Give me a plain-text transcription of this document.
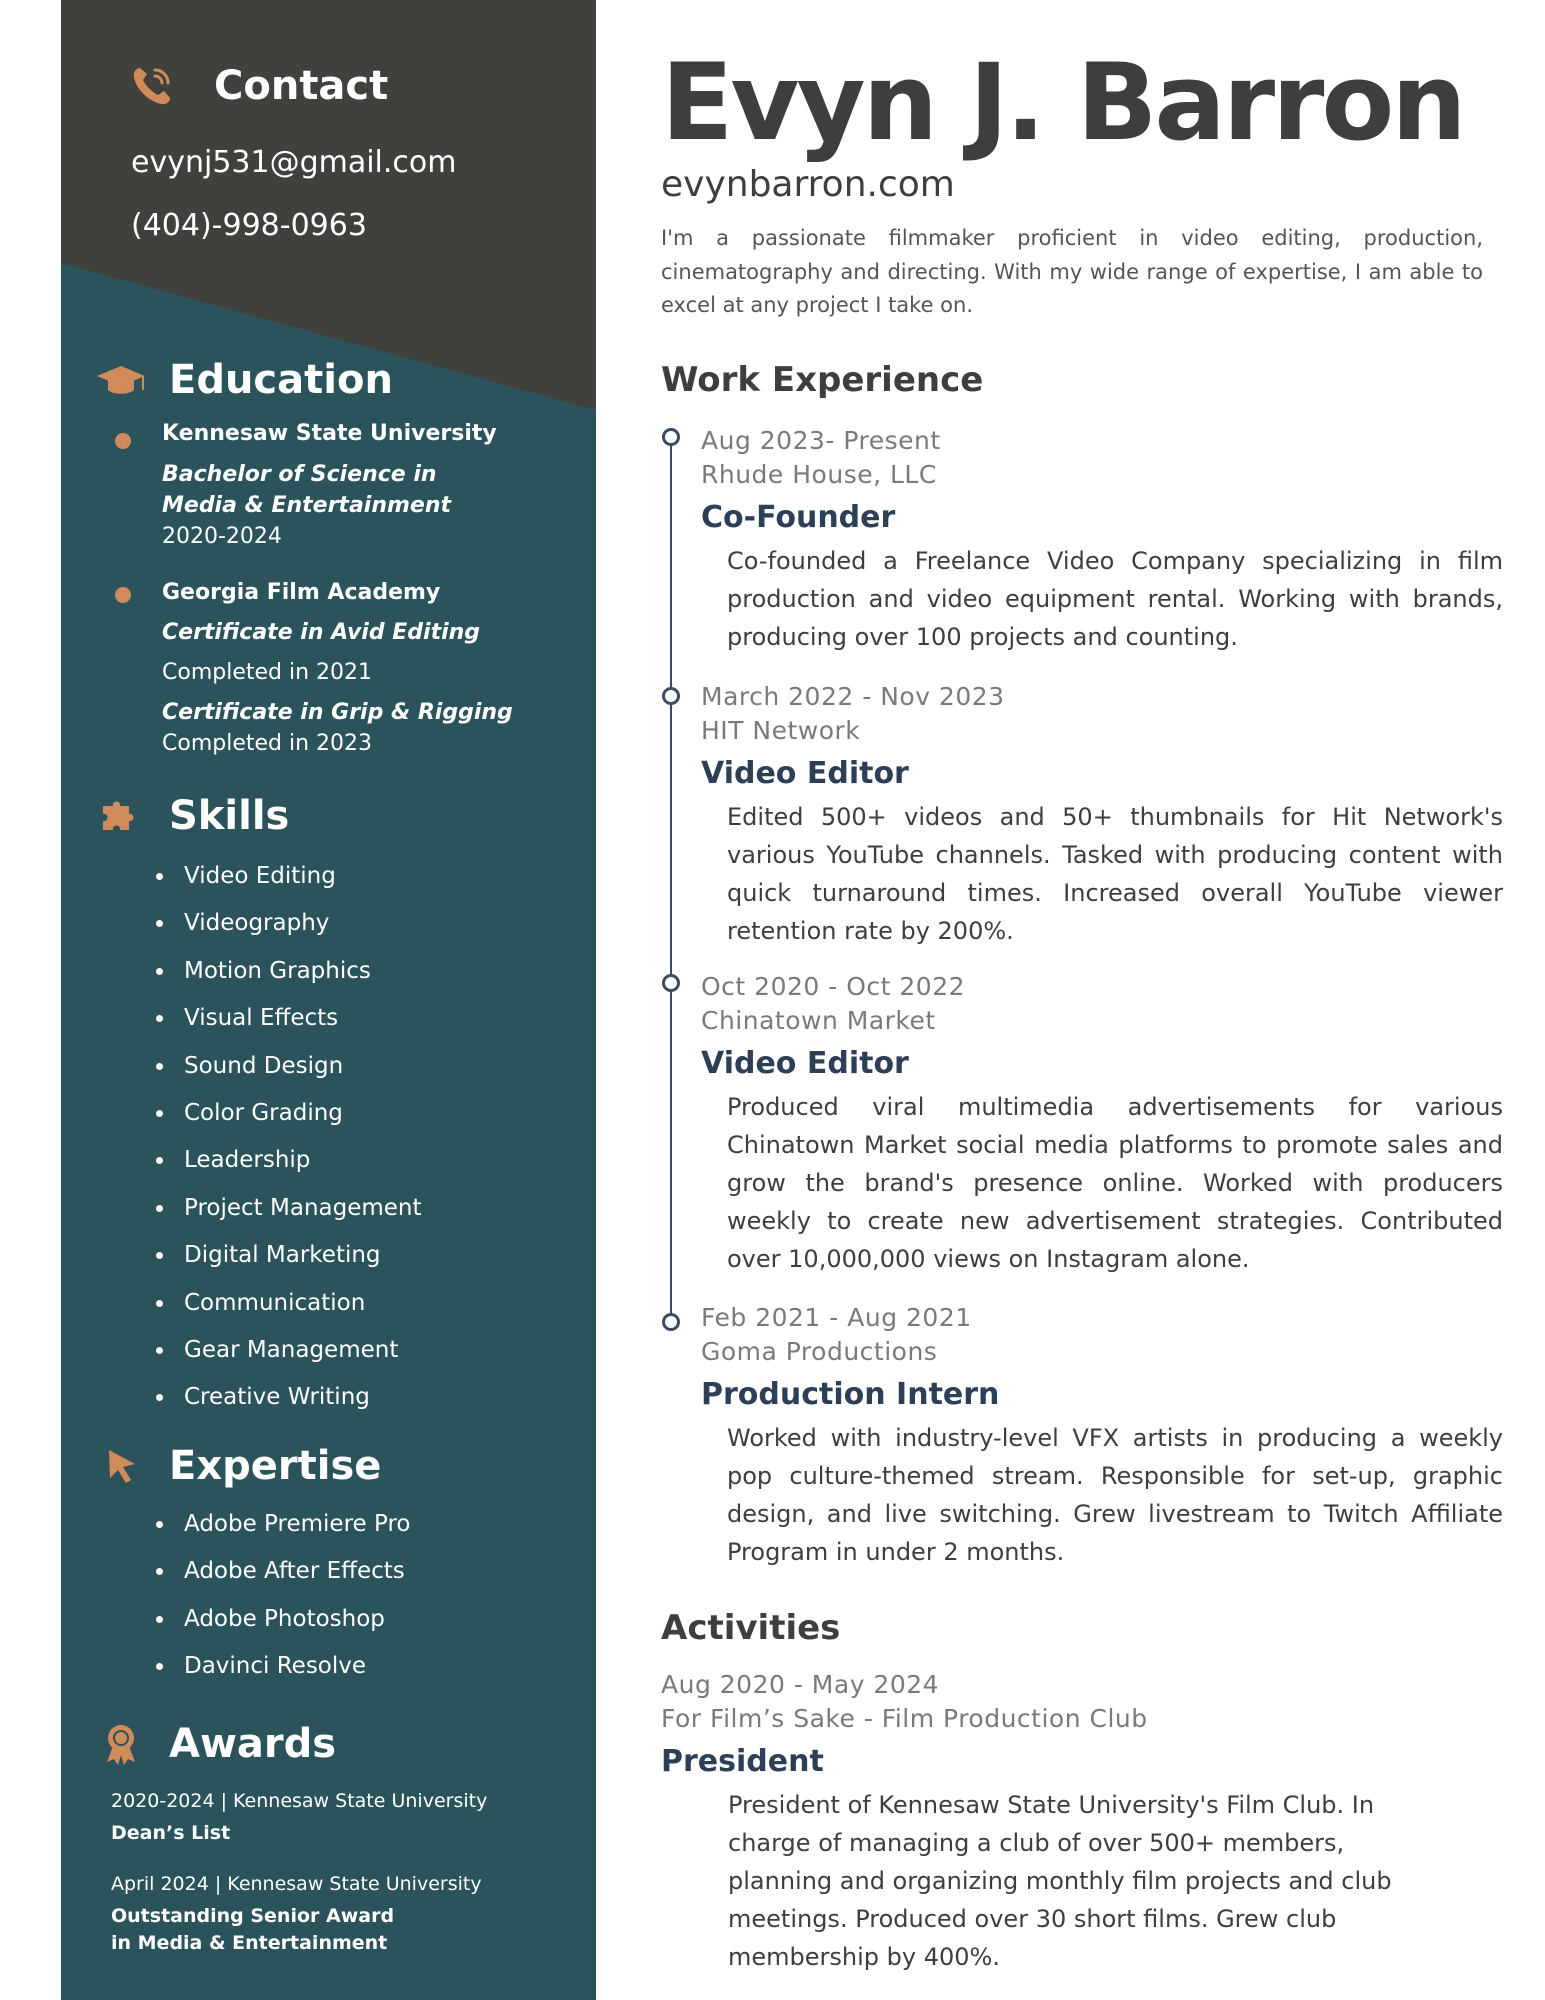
Contact
evynj531@gmail.com
(404)-998-0963
Education
Kennesaw State University
Bachelor of Science in Media & Entertainment
2020-2024
Georgia Film Academy
Certificate in Avid Editing
Completed in 2021
Certificate in Grip & Rigging
Completed in 2023
Skills
Video Editing
Videography
Motion Graphics
Visual Effects
Sound Design
Color Grading
Leadership
Project Management
Digital Marketing
Communication
Gear Management
Creative Writing
Expertise
Adobe Premiere Pro
Adobe After Effects
Adobe Photoshop
Davinci Resolve
Awards
2020-2024 | Kennesaw State University
Dean’s List
April 2024 | Kennesaw State University
Outstanding Senior Award
in Media & Entertainment
Evyn J. Barron
evynbarron.com
I'm a passionate filmmaker proficient in video editing, production, cinematography and directing. With my wide range of expertise, I am able to excel at any project I take on.
Work Experience
Aug 2023- Present
Rhude House, LLC
Co-Founder
Co-founded a Freelance Video Company specializing in film production and video equipment rental. Working with brands, producing over 100 projects and counting.
March 2022 - Nov 2023
HIT Network
Video Editor
Edited 500+ videos and 50+ thumbnails for Hit Network's various YouTube channels. Tasked with producing content with quick turnaround times. Increased overall YouTube viewer retention rate by 200%.
Oct 2020 - Oct 2022
Chinatown Market
Video Editor
Produced viral multimedia advertisements for various Chinatown Market social media platforms to promote sales and grow the brand's presence online. Worked with producers weekly to create new advertisement strategies. Contributed over 10,000,000 views on Instagram alone.
Feb 2021 - Aug 2021
Goma Productions
Production Intern
Worked with industry-level VFX artists in producing a weekly pop culture-themed stream. Responsible for set-up, graphic design, and live switching. Grew livestream to Twitch Affiliate Program in under 2 months.
Activities
Aug 2020 - May 2024
For Film’s Sake - Film Production Club
President
President of Kennesaw State University's Film Club. In charge of managing a club of over 500+ members, planning and organizing monthly film projects and club meetings. Produced over 30 short films. Grew club membership by 400%.
